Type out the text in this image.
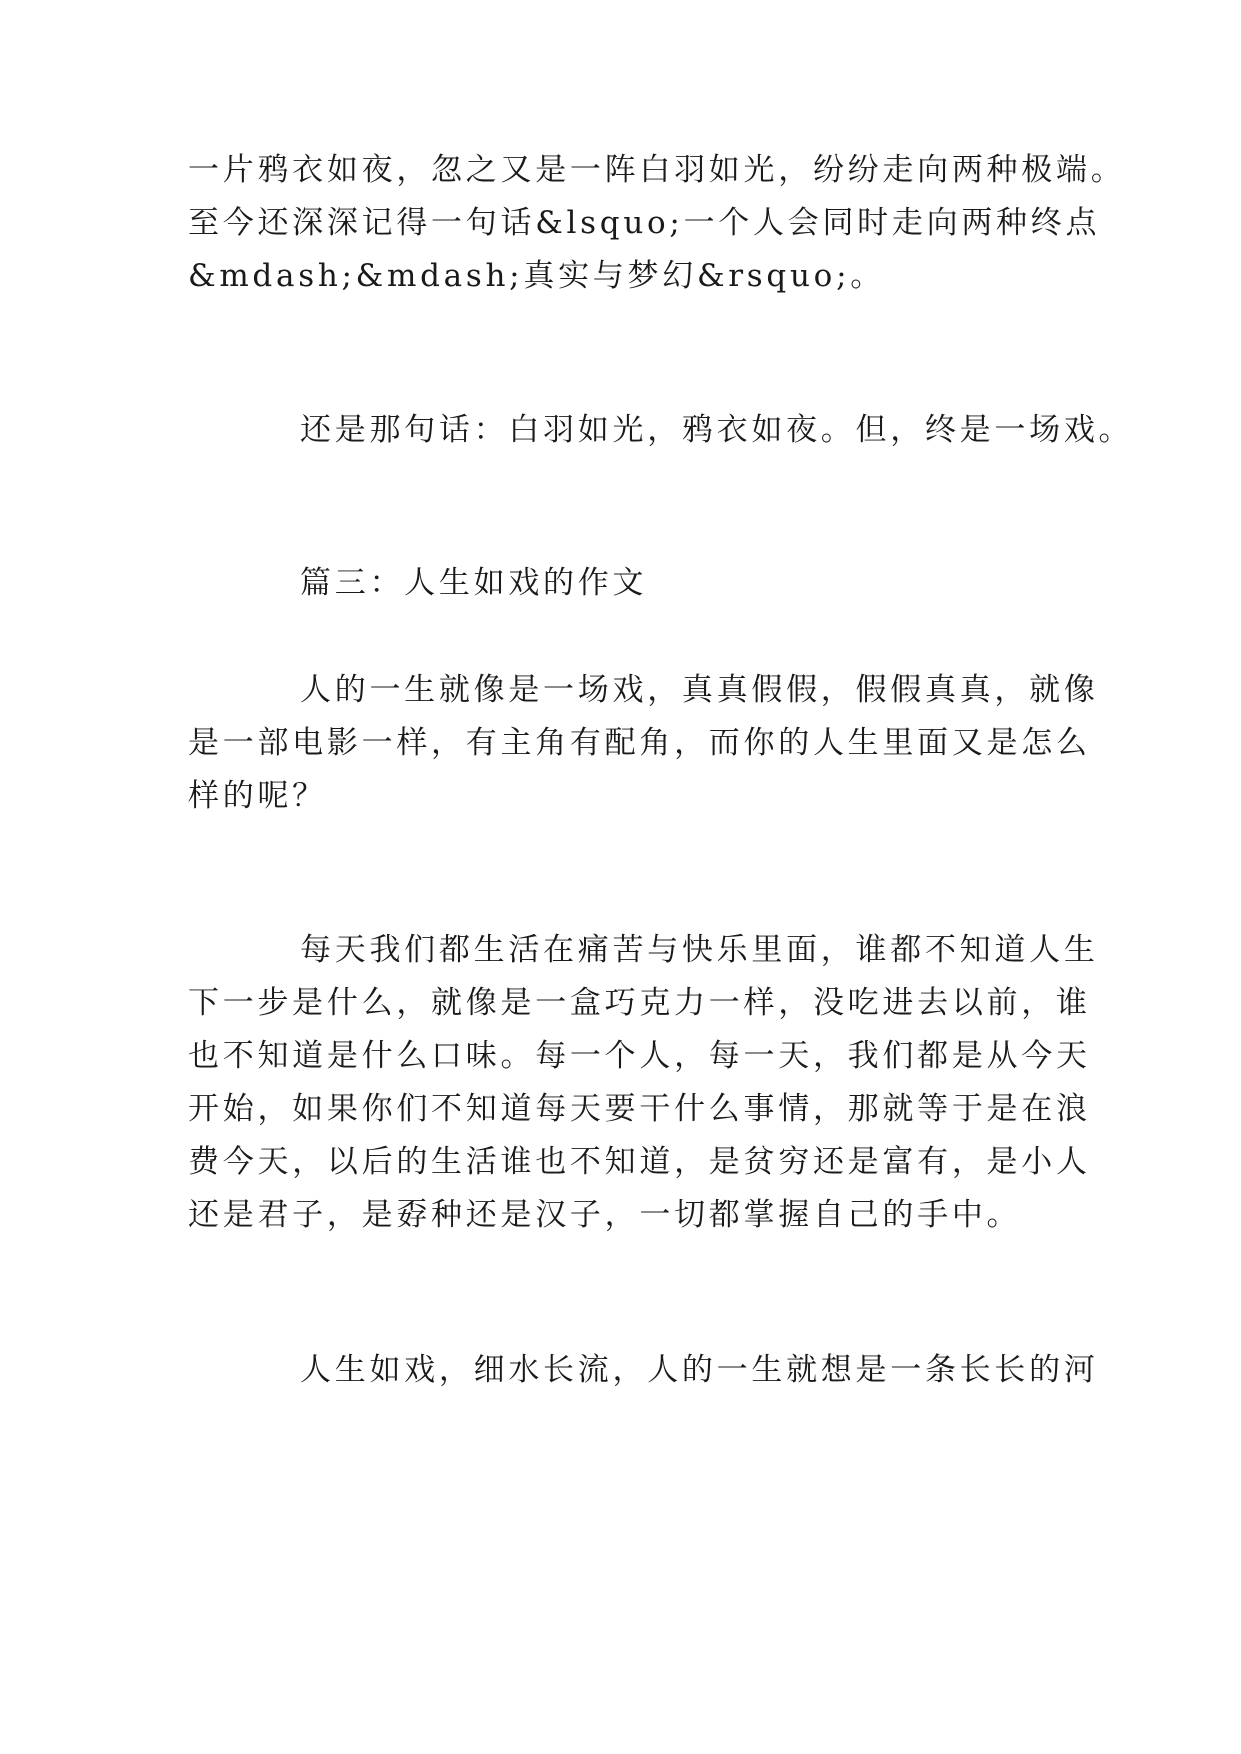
一片鸦衣如夜，忽之又是一阵白羽如光，纷纷走向两种极端。
至今还深深记得一句话&lsquo;一个人会同时走向两种终点
&mdash;&mdash;真实与梦幻&rsquo;。
还是那句话：白羽如光，鸦衣如夜。但，终是一场戏。
篇三：人生如戏的作文
人的一生就像是一场戏，真真假假，假假真真，就像
是一部电影一样，有主角有配角，而你的人生里面又是怎么
样的呢？
每天我们都生活在痛苦与快乐里面，谁都不知道人生
下一步是什么，就像是一盒巧克力一样，没吃进去以前，谁
也不知道是什么口味。每一个人，每一天，我们都是从今天
开始，如果你们不知道每天要干什么事情，那就等于是在浪
费今天，以后的生活谁也不知道，是贫穷还是富有，是小人
还是君子，是孬种还是汉子，一切都掌握自己的手中。
人生如戏，细水长流，人的一生就想是一条长长的河
